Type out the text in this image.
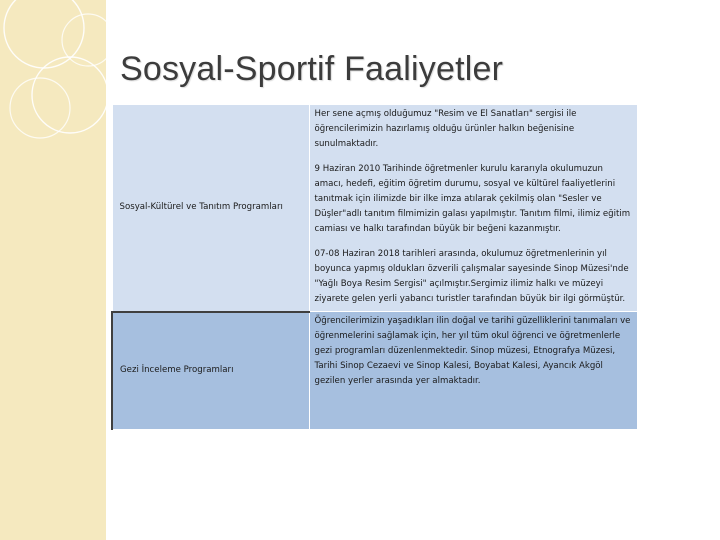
Sosyal-Sportif Faaliyetler
Sosyal-Kültürel ve Tanıtım Programları	Her sene açmış olduğumuz "Resim ve El Sanatları" sergisi ile öğrencilerimizin hazırlamış olduğu ürünler halkın beğenisine sunulmaktadır.
9 Haziran 2010 Tarihinde öğretmenler kurulu kararıyla okulumuzun amacı, hedefi, eğitim öğretim durumu, sosyal ve kültürel faaliyetlerini tanıtmak için ilimizde bir ilke imza atılarak çekilmiş olan "Sesler ve Düşler"adlı tanıtım filmimizin galası yapılmıştır. Tanıtım filmi, ilimiz eğitim camiası ve halkı tarafından büyük bir beğeni kazanmıştır.
07-08 Haziran 2018 tarihleri arasında, okulumuz öğretmenlerinin yıl boyunca yapmış oldukları özverili çalışmalar sayesinde Sinop Müzesi'nde "Yağlı Boya Resim Sergisi" açılmıştır.Sergimiz ilimiz halkı ve müzeyi ziyarete gelen yerli yabancı turistler tarafından büyük bir ilgi görmüştür.

Gezi İnceleme Programları	Öğrencilerimizin yaşadıkları ilin doğal ve tarihi güzelliklerini tanımaları ve öğrenmelerini sağlamak için, her yıl tüm okul öğrenci ve öğretmenlerle gezi programları düzenlenmektedir. Sinop müzesi, Etnografya Müzesi, Tarihi Sinop Cezaevi ve Sinop Kalesi, Boyabat Kalesi, Ayancık Akgöl gezilen yerler arasında yer almaktadır.
